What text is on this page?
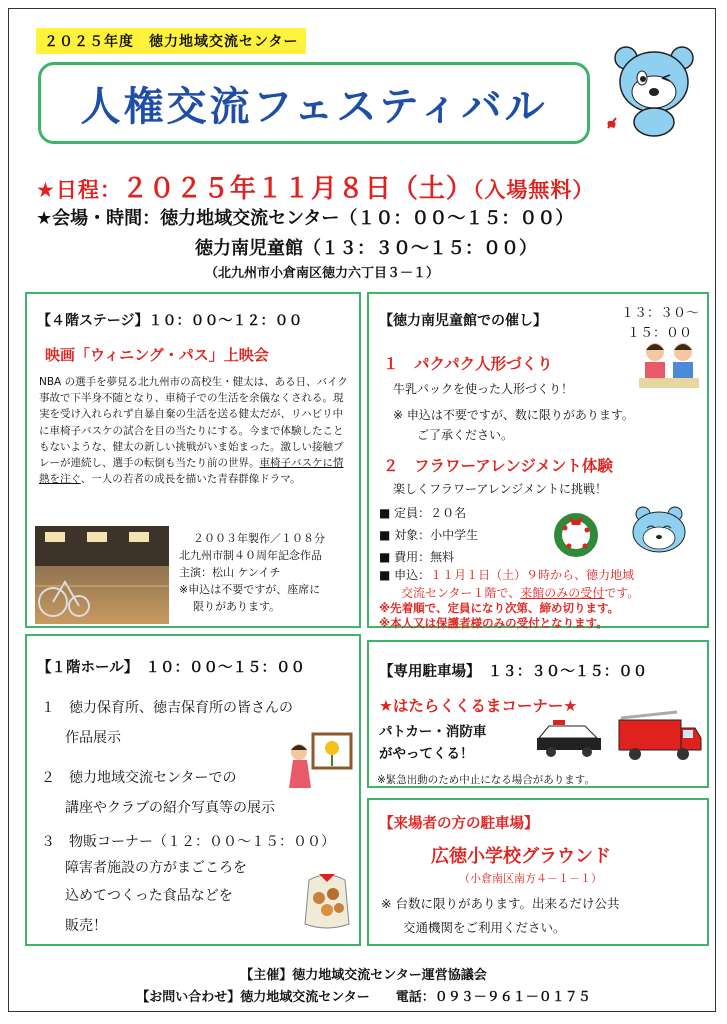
２０２５年度　徳力地域交流センター
人権交流フェスティバル
★日程：２０２５年１１月８日（土）（入場無料）
★会場・時間：徳力地域交流センター（１０：００～１５：００）
徳力南児童館（１３：３０～１５：００）
（北九州市小倉南区徳力六丁目３－１）
【４階ステージ】１０：００～１２：００
映画「ウィニング・パス」上映会
NBA の選手を夢見る北九州市の高校生・健太は、ある日、バイク事故で下半身不随となり、車椅子での生活を余儀なくされる。現実を受け入れられず自暴自棄の生活を送る健太だが、リハビリ中に車椅子バスケの試合を目の当たりにする。今まで体験したこともないような、健太の新しい挑戦がいま始まった。激しい接触プレーが連続し、選手の転倒も当たり前の世界。車椅子バスケに情熱を注ぐ、一人の若者の成長を描いた青春群像ドラマ。
２００３年製作／１０８分
北九州市制４０周年記念作品
主演：松山 ケンイチ
※申込は不要ですが、座席に
限りがあります。
【徳力南児童館での催し】	１３：３０～
１５：００
１　パクパク人形づくり
牛乳パックを使った人形づくり！
※ 申込は不要ですが、数に限りがあります。
ご了承ください。
２　フラワーアレンジメント体験
楽しくフラワーアレンジメントに挑戦！
■ 定員：２０名
■ 対象：小中学生
■ 費用：無料
■ 申込：１１月１日（土）９時から、徳力地域
交流センター１階で、来館のみの受付です。
※先着順で、定員になり次第、締め切ります。
※本人又は保護者様のみの受付となります。
【１階ホール】　１０：００～１５：００
１　徳力保育所、徳吉保育所の皆さんの
作品展示
２　徳力地域交流センターでの
講座やクラブの紹介写真等の展示
３　物販コーナー（１２：００～１５：００）
障害者施設の方がまごころを
込めてつくった食品などを
販売！
【専用駐車場】　１３：３０～１５：００
★はたらくくるまコーナー★
パトカー・消防車
がやってくる！
※緊急出動のため中止になる場合があります。
【来場者の方の駐車場】
広徳小学校グラウンド
（小倉南区南方４－１－１）
※ 台数に限りがあります。出来るだけ公共
交通機関をご利用ください。
【主催】徳力地域交流センター運営協議会
【お問い合わせ】徳力地域交流センター　　電話：０９３－９６１－０１７５
